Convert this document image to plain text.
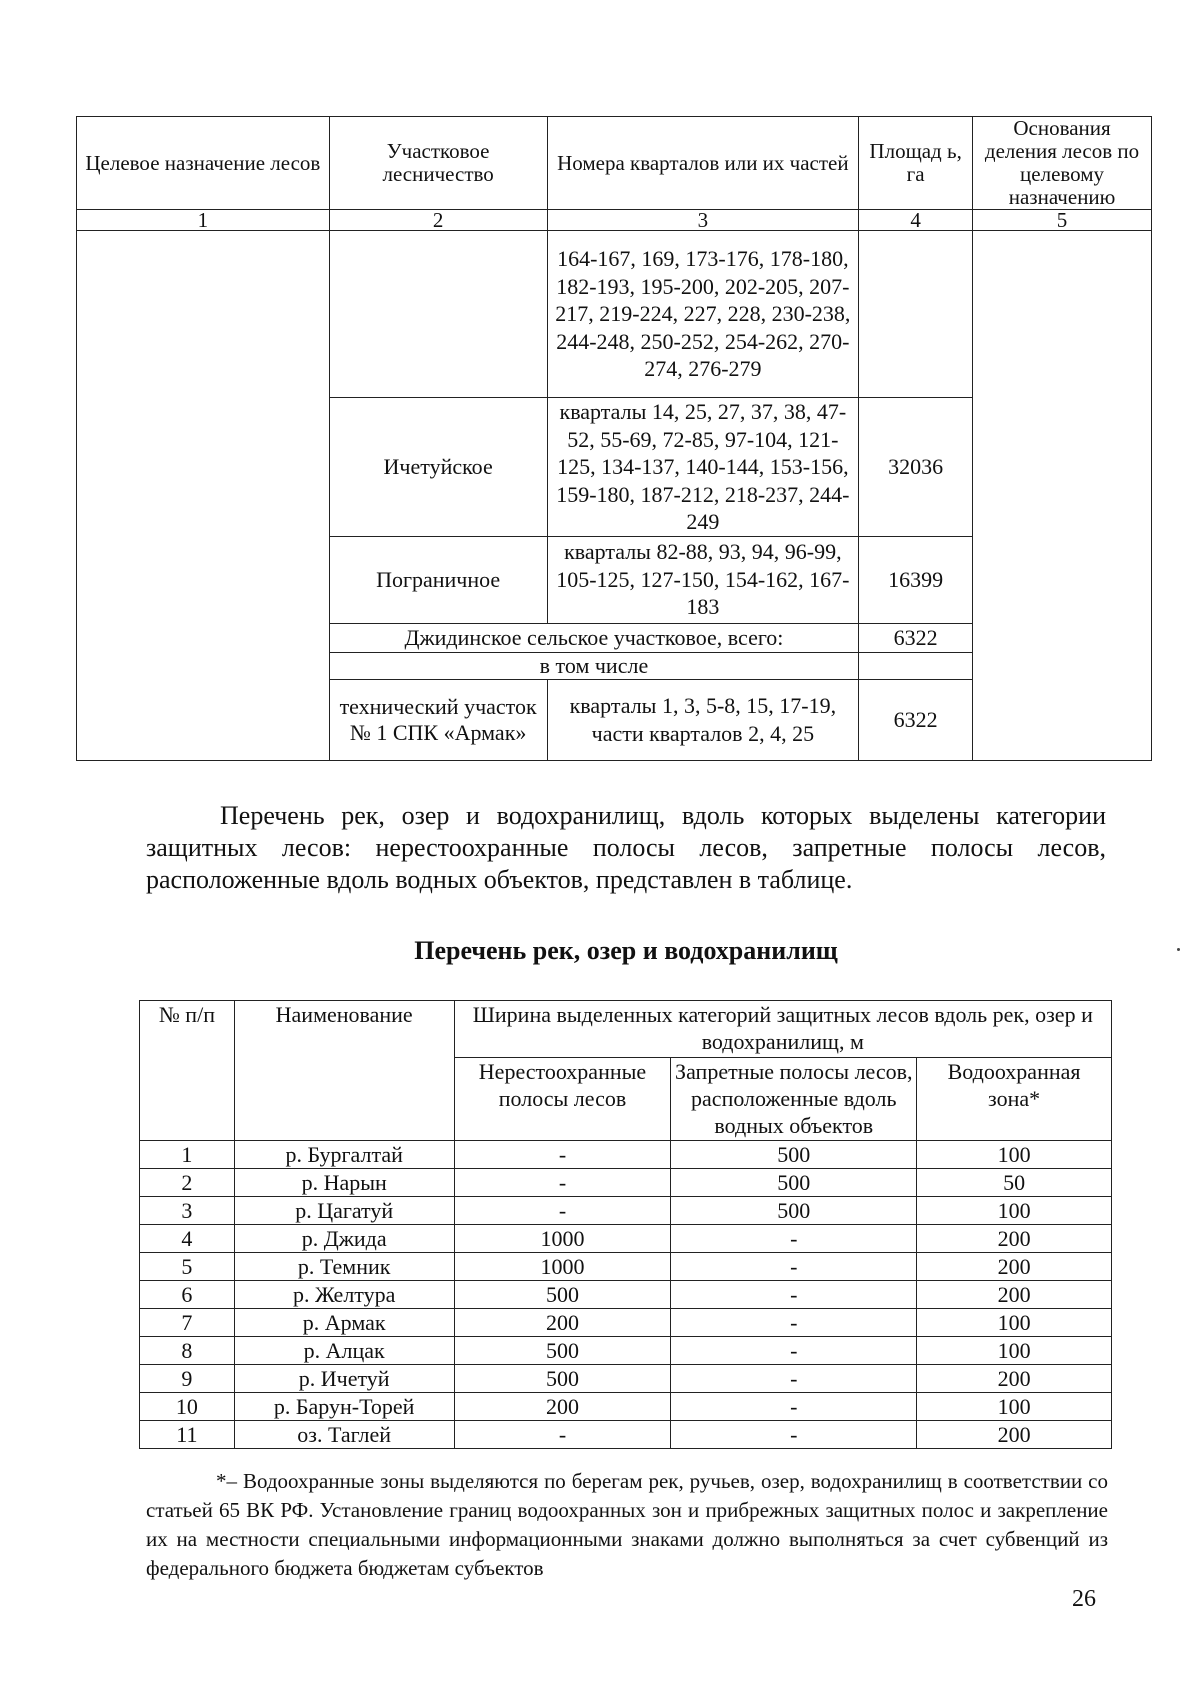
Целевое назначение лесов	Участковое лесничество	Номера кварталов или их частей	Площад ь, га	Основания деления лесов по целевому назначению
1	2	3	4	5
		164-167, 169, 173-176, 178-180, 182-193, 195-200, 202-205, 207-217, 219-224, 227, 228, 230-238, 244-248, 250-252, 254-262, 270-274, 276-279		
	Ичетуйское	кварталы 14, 25, 27, 37, 38, 47-52, 55-69, 72-85, 97-104, 121-125, 134-137, 140-144, 153-156, 159-180, 187-212, 218-237, 244-249	32036	
	Пограничное	кварталы 82-88, 93, 94, 96-99, 105-125, 127-150, 154-162, 167-183	16399	
	Джидинское сельское участковое, всего:		6322	
	в том числе			
	технический участок № 1 СПК «Армак»	кварталы 1, 3, 5-8, 15, 17-19, части кварталов 2, 4, 25	6322	

Перечень рек, озер и водохранилищ, вдоль которых выделены категории защитных лесов: нерестоохранные полосы лесов, запретные полосы лесов, расположенные вдоль водных объектов, представлен в таблице.

Перечень рек, озер и водохранилищ

№ п/п	Наименование	Ширина выделенных категорий защитных лесов вдоль рек, озер и водохранилищ, м		
		Нерестоохранные полосы лесов	Запретные полосы лесов, расположенные вдоль водных объектов	Водоохранная зона*
1	р. Бургалтай	-	500	100
2	р. Нарын	-	500	50
3	р. Цагатуй	-	500	100
4	р. Джида	1000	-	200
5	р. Темник	1000	-	200
6	р. Желтура	500	-	200
7	р. Армак	200	-	100
8	р. Алцак	500	-	100
9	р. Ичетуй	500	-	200
10	р. Барун-Торей	200	-	100
11	оз. Таглей	-	-	200

*– Водоохранные зоны выделяются по берегам рек, ручьев, озер, водохранилищ в соответствии со статьей 65 ВК РФ. Установление границ водоохранных зон и прибрежных защитных полос и закрепление их на местности специальными информационными знаками должно выполняться за счет субвенций из федерального бюджета бюджетам субъектов

26
